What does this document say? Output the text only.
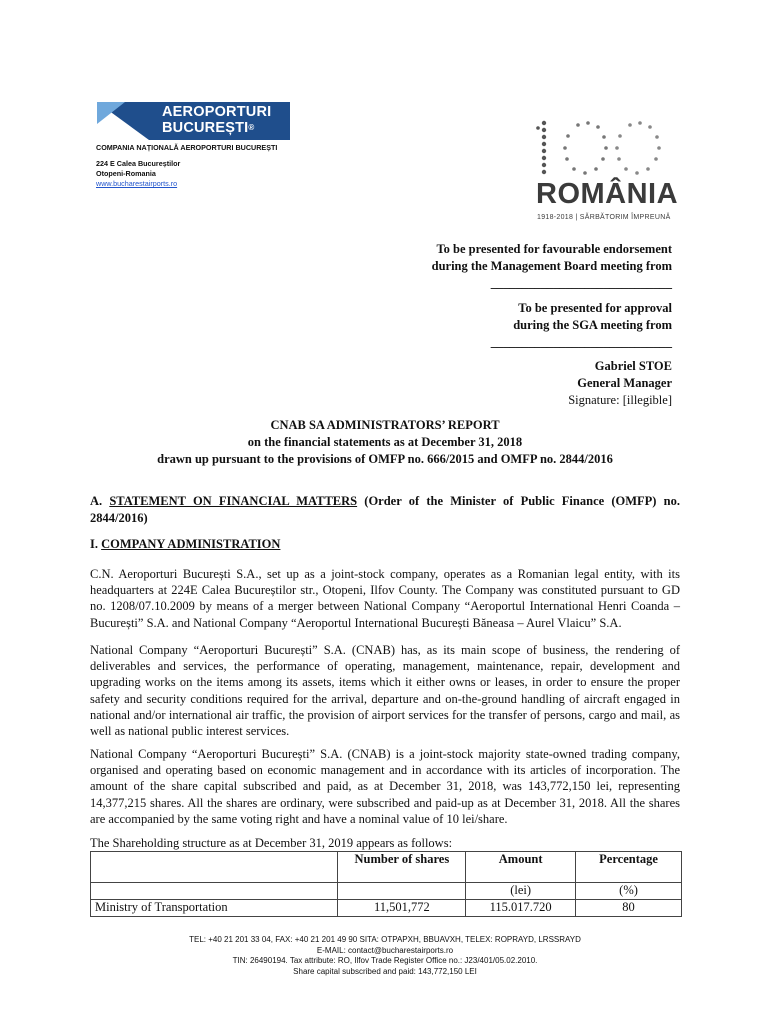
AEROPORTURI
BUCUREȘTI®
COMPANIA NAȚIONALĂ AEROPORTURI BUCUREȘTI
224 E Calea Bucureștilor
Otopeni-Romania
www.bucharestairports.ro	ROMÂNIA
1918-2018 | SĂRBĂTORIM ÎMPREUNĂ
To be presented for favourable endorsement
during the Management Board meeting from
_____________________________
To be presented for approval
during the SGA meeting from
_____________________________
Gabriel STOE
General Manager
Signature: [illegible]
CNAB SA ADMINISTRATORS’ REPORT
on the financial statements as at December 31, 2018
drawn up pursuant to the provisions of OMFP no. 666/2015 and OMFP no. 2844/2016
A. STATEMENT ON FINANCIAL MATTERS (Order of the Minister of Public Finance (OMFP) no. 2844/2016)
I. COMPANY ADMINISTRATION
C.N. Aeroporturi București S.A., set up as a joint-stock company, operates as a Romanian legal entity, with its headquarters at 224E Calea Bucureștilor str., Otopeni, Ilfov County. The Company was constituted pursuant to GD no. 1208/07.10.2009 by means of a merger between National Company “Aeroportul International Henri Coanda – București” S.A. and National Company “Aeroportul International București Băneasa – Aurel Vlaicu” S.A.
National Company “Aeroporturi București” S.A. (CNAB) has, as its main scope of business, the rendering of deliverables and services, the performance of operating, management, maintenance, repair, development and upgrading works on the items among its assets, items which it either owns or leases, in order to ensure the proper safety and security conditions required for the arrival, departure and on-the-ground handling of aircraft engaged in national and/or international air traffic, the provision of airport services for the transfer of persons, cargo and mail, as well as national public interest services.
National Company “Aeroporturi București” S.A. (CNAB) is a joint-stock majority state-owned trading company, organised and operating based on economic management and in accordance with its articles of incorporation. The amount of the share capital subscribed and paid, as at December 31, 2018, was 143,772,150 lei, representing 14,377,215 shares. All the shares are ordinary, were subscribed and paid-up as at December 31, 2018. All the shares are accompanied by the same voting right and have a nominal value of 10 lei/share.
The Shareholding structure as at December 31, 2019 appears as follows:
	Number of shares	Amount	Percentage
		(lei)	(%)
Ministry of Transportation	11,501,772	115.017.720	80
TEL: +40 21 201 33 04, FAX: +40 21 201 49 90 SITA: OTPAPXH, BBUAVXH, TELEX: ROPRAYD, LRSSRAYD
E-MAIL: contact@bucharestairports.ro
TIN: 26490194. Tax attribute: RO, Ilfov Trade Register Office no.: J23/401/05.02.2010.
Share capital subscribed and paid: 143,772,150 LEI
